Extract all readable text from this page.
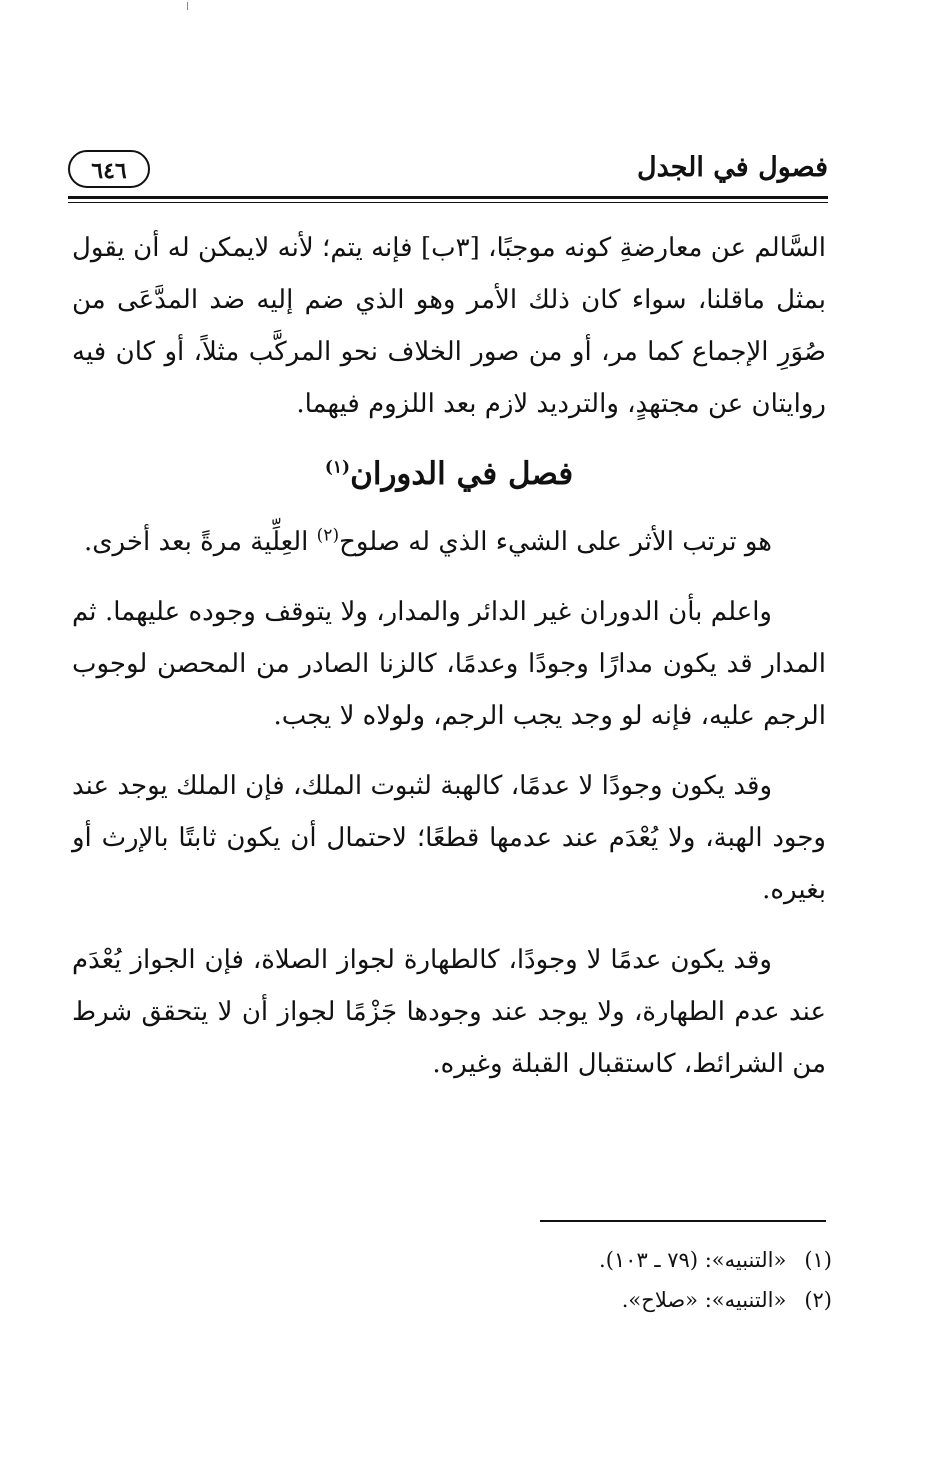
فصول في الجدل
٦٤٦

السَّالم عن معارضةِ كونه موجبًا، [٣ب] فإنه يتم؛ لأنه لايمكن له أن يقول بمثل ماقلنا، سواء كان ذلك الأمر وهو الذي ضم إليه ضد المدَّعَى من صُوَرِ الإجماع كما مر، أو من صور الخلاف نحو المركَّب مثلاً، أو كان فيه روايتان عن مجتهدٍ، والترديد لازم بعد اللزوم فيهما.

فصل في الدوران$^{(١)}$

هو ترتب الأثر على الشيء الذي له صلوح$^{(٢)}$ العِلِّية مرةً بعد أخرى.

واعلم بأن الدوران غير الدائر والمدار، ولا يتوقف وجوده عليهما. ثم المدار قد يكون مدارًا وجودًا وعدمًا، كالزنا الصادر من المحصن لوجوب الرجم عليه، فإنه لو وجد يجب الرجم، ولولاه لا يجب.

وقد يكون وجودًا لا عدمًا، كالهبة لثبوت الملك، فإن الملك يوجد عند وجود الهبة، ولا يُعْدَم عند عدمها قطعًا؛ لاحتمال أن يكون ثابتًا بالإرث أو بغيره.

وقد يكون عدمًا لا وجودًا، كالطهارة لجواز الصلاة، فإن الجواز يُعْدَم عند عدم الطهارة، ولا يوجد عند وجودها جَزْمًا لجواز أن لا يتحقق شرط من الشرائط، كاستقبال القبلة وغيره.

(١)«التنبيه»: (٧٩ ـ ١٠٣).

(٢)«التنبيه»: «صلاح».
